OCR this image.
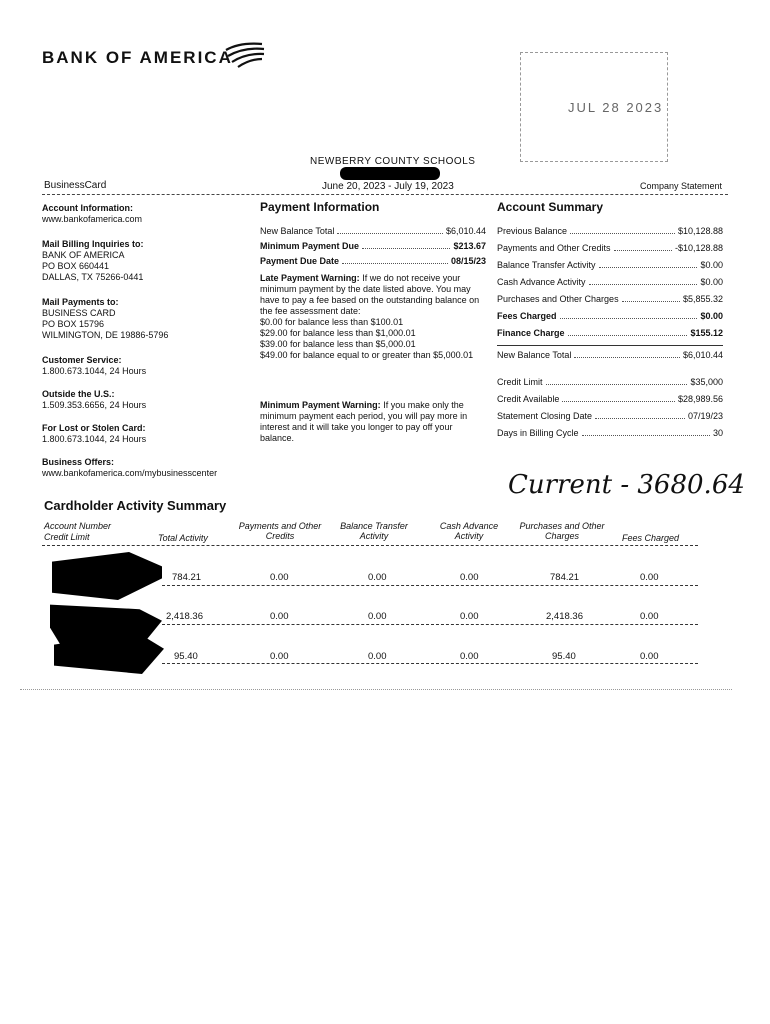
BANK OF AMERICA
JUL 28 2023
NEWBERRY COUNTY SCHOOLS
BusinessCard	June 20, 2023 - July 19, 2023	Company Statement
Account Information:
www.bankofamerica.com
Mail Billing Inquiries to:
BANK OF AMERICA
PO BOX 660441
DALLAS, TX 75266-0441
Mail Payments to:
BUSINESS CARD
PO BOX 15796
WILMINGTON, DE 19886-5796
Customer Service:
1.800.673.1044, 24 Hours
Outside the U.S.:
1.509.353.6656, 24 Hours
For Lost or Stolen Card:
1.800.673.1044, 24 Hours
Business Offers:
www.bankofamerica.com/mybusinesscenter
Payment Information
New Balance Total	$6,010.44
Minimum Payment Due	$213.67
Payment Due Date	08/15/23
Late Payment Warning: If we do not receive your minimum payment by the date listed above. You may have to pay a fee based on the outstanding balance on the fee assessment date:
$0.00 for balance less than $100.01
$29.00 for balance less than $1,000.01
$39.00 for balance less than $5,000.01
$49.00 for balance equal to or greater than $5,000.01
Minimum Payment Warning: If you make only the minimum payment each period, you will pay more in interest and it will take you longer to pay off your balance.
Account Summary
Previous Balance	$10,128.88
Payments and Other Credits	-$10,128.88
Balance Transfer Activity	$0.00
Cash Advance Activity	$0.00
Purchases and Other Charges	$5,855.32
Fees Charged	$0.00
Finance Charge	$155.12
New Balance Total	$6,010.44
Credit Limit	$35,000
Credit Available	$28,989.56
Statement Closing Date	07/19/23
Days in Billing Cycle	30
Current - 3680.64
Cardholder Activity Summary
Account Number
Credit Limit	Total Activity
Payments and Other Credits
Balance Transfer Activity
Cash Advance Activity
Purchases and Other Charges	Fees Charged
784.21	0.00	0.00	0.00	784.21	0.00
2,418.36	0.00	0.00	0.00	2,418.36	0.00
95.40	0.00	0.00	0.00	95.40	0.00
